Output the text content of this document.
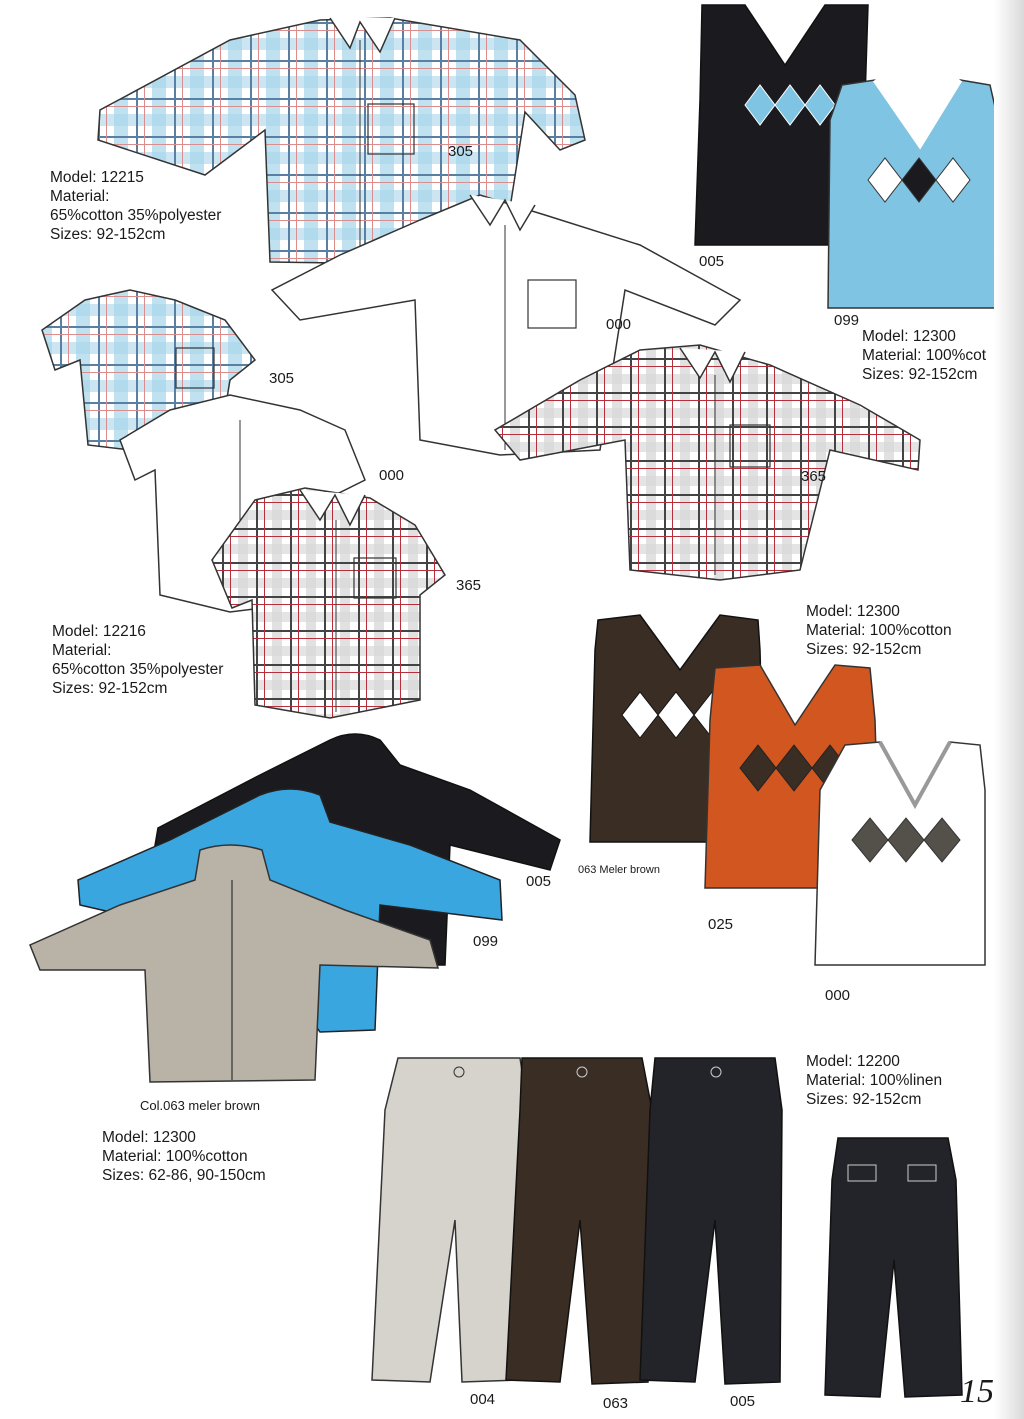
Model: 12215
Material:
65%cotton 35%polyester
Sizes: 92-152cm
Model: 12216
Material:
65%cotton 35%polyester
Sizes: 92-152cm
Model: 12300
Material: 100%cot
Sizes: 92-152cm
Model: 12300
Material: 100%cotton
Sizes: 92-152cm
Model: 12300
Material: 100%cotton
Sizes: 62-86, 90-150cm
Model: 12200
Material: 100%linen
Sizes: 92-152cm
305
000
365
305
000
365
005
099
063 Meler brown
025
000
005
099
Col.063 meler brown
004	063	005	15
